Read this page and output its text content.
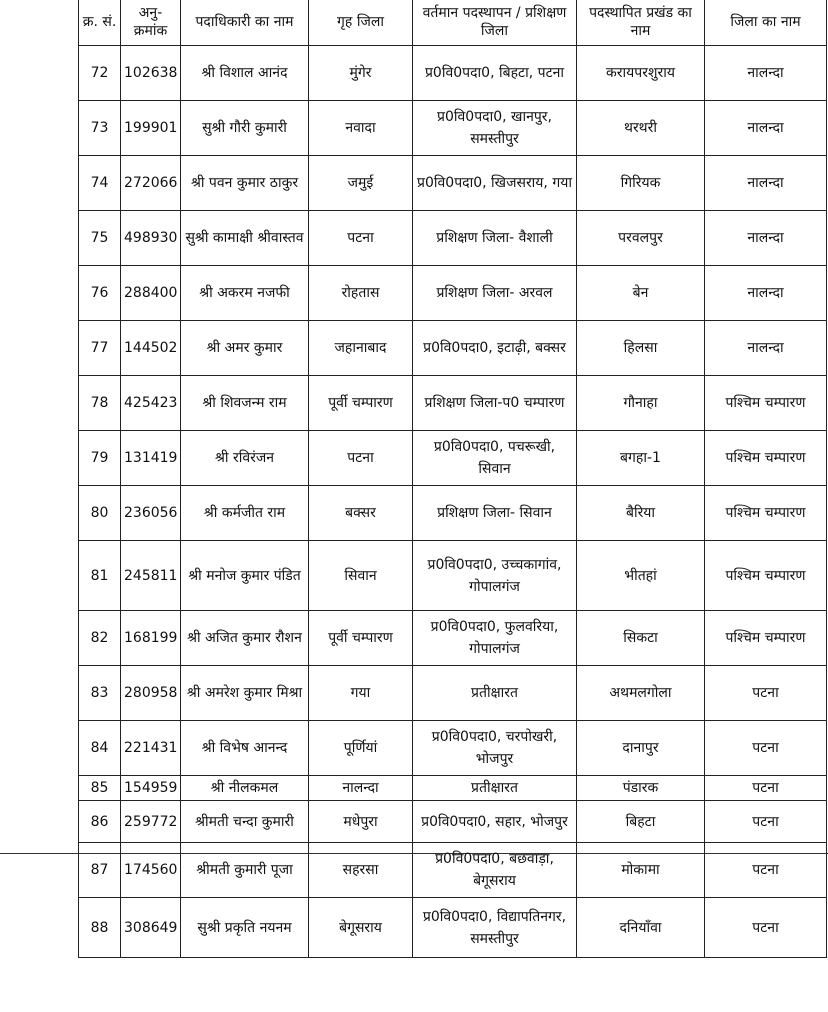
क्र. सं.	अनु- क्रमांक	पदाधिकारी का नाम	गृह जिला	वर्तमान पदस्थापन / प्रशिक्षण जिला	पदस्थापित प्रखंड का नाम	जिला का नाम
72	102638	श्री विशाल आनंद	मुंगेर	प्र0वि0पदा0, बिहटा, पटना	करायपरशुराय	नालन्दा
73	199901	सुश्री गौरी कुमारी	नवादा	प्र0वि0पदा0, खानपुर, समस्तीपुर	थरथरी	नालन्दा
74	272066	श्री पवन कुमार ठाकुर	जमुई	प्र0वि0पदा0, खिजसराय, गया	गिरियक	नालन्दा
75	498930	सुश्री कामाक्षी श्रीवास्तव	पटना	प्रशिक्षण जिला- वैशाली	परवलपुर	नालन्दा
76	288400	श्री अकरम नजफी	रोहतास	प्रशिक्षण जिला- अरवल	बेन	नालन्दा
77	144502	श्री अमर कुमार	जहानाबाद	प्र0वि0पदा0, इटाढ़ी, बक्सर	हिलसा	नालन्दा
78	425423	श्री शिवजन्म राम	पूर्वी चम्पारण	प्रशिक्षण जिला-प0 चम्पारण	गौनाहा	पश्चिम चम्पारण
79	131419	श्री रविरंजन	पटना	प्र0वि0पदा0, पचरूखी, सिवान	बगहा-1	पश्चिम चम्पारण
80	236056	श्री कर्मजीत राम	बक्सर	प्रशिक्षण जिला- सिवान	बैरिया	पश्चिम चम्पारण
81	245811	श्री मनोज कुमार पंडित	सिवान	प्र0वि0पदा0, उच्चकागांव, गोपालगंज	भीतहां	पश्चिम चम्पारण
82	168199	श्री अजित कुमार रौशन	पूर्वी चम्पारण	प्र0वि0पदा0, फुलवरिया, गोपालगंज	सिकटा	पश्चिम चम्पारण
83	280958	श्री अमरेश कुमार मिश्रा	गया	प्रतीक्षारत	अथमलगोला	पटना
84	221431	श्री विभेष आनन्द	पूर्णियां	प्र0वि0पदा0, चरपोखरी, भोजपुर	दानापुर	पटना
85	154959	श्री नीलकमल	नालन्दा	प्रतीक्षारत	पंडारक	पटना
86	259772	श्रीमती चन्दा कुमारी	मधेपुरा	प्र0वि0पदा0, सहार, भोजपुर	बिहटा	पटना
87	174560	श्रीमती कुमारी पूजा	सहरसा	प्र0वि0पदा0, बछवाड़ा, बेगूसराय	मोकामा	पटना
88	308649	सुश्री प्रकृति नयनम	बेगूसराय	प्र0वि0पदा0, विद्यापतिनगर, समस्तीपुर	दनियाँवा	पटना
